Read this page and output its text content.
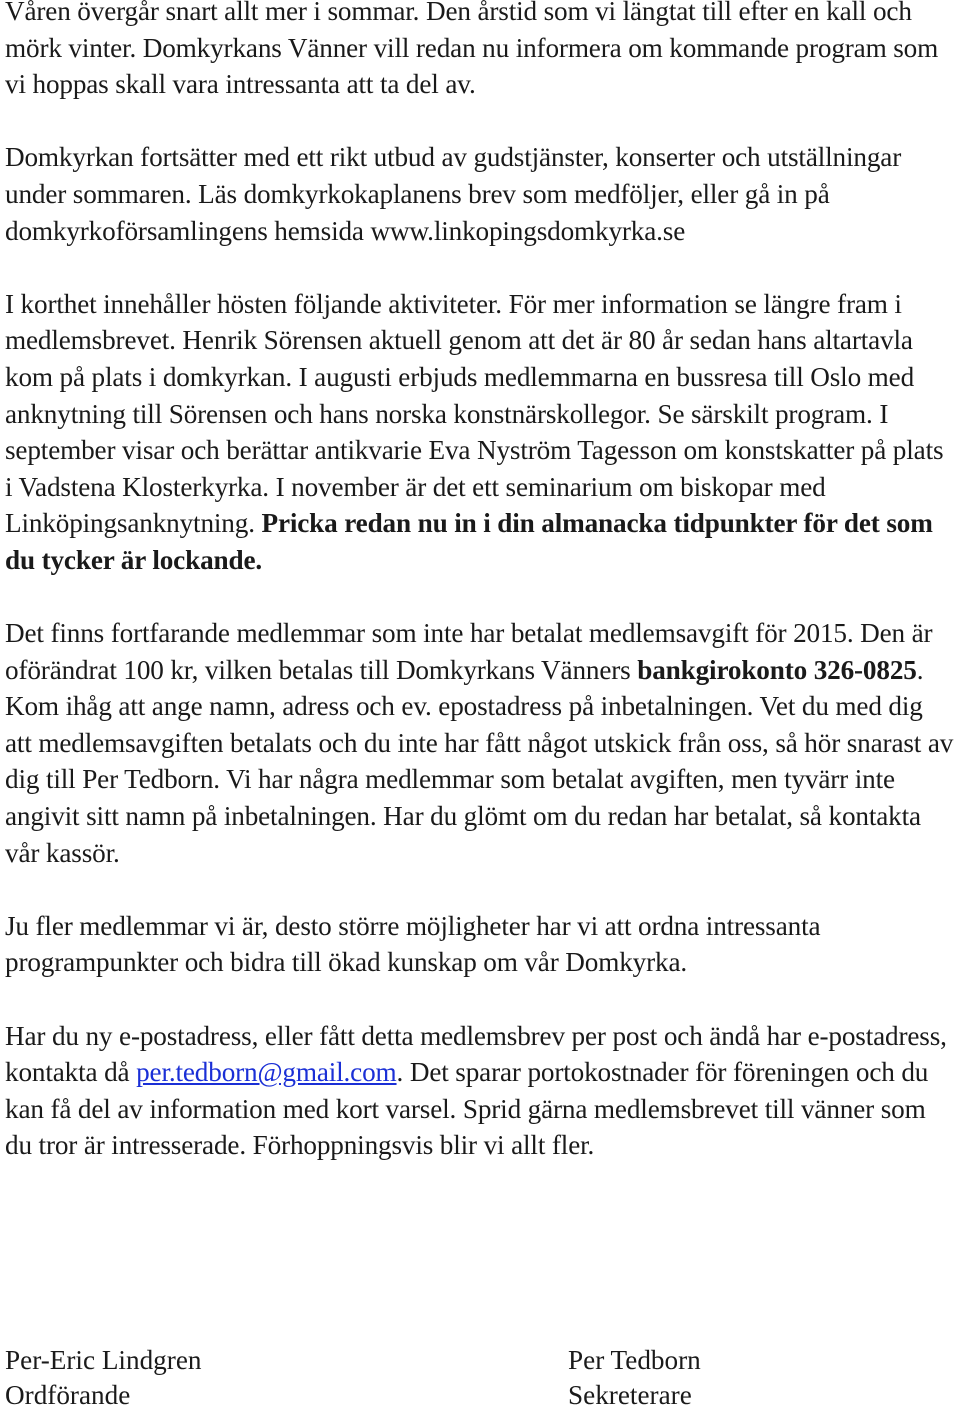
Våren övergår snart allt mer i sommar. Den årstid som vi längtat till efter en kall och mörk vinter. Domkyrkans Vänner vill redan nu informera om kommande program som vi hoppas skall vara intressanta att ta del av.

Domkyrkan fortsätter med ett rikt utbud av gudstjänster, konserter och utställningar under sommaren. Läs domkyrkokaplanens brev som medföljer, eller gå in på domkyrkoförsamlingens hemsida www.linkopingsdomkyrka.se

I korthet innehåller hösten följande aktiviteter. För mer information se längre fram i medlemsbrevet. Henrik Sörensen aktuell genom att det är 80 år sedan hans altartavla kom på plats i domkyrkan. I augusti erbjuds medlemmarna en bussresa till Oslo med anknytning till Sörensen och hans norska konstnärskollegor. Se särskilt program. I september visar och berättar antikvarie Eva Nyström Tagesson om konstskatter på plats i Vadstena Klosterkyrka. I november är det ett seminarium om biskopar med Linköpingsanknytning. Pricka redan nu in i din almanacka tidpunkter för det som du tycker är lockande.

Det finns fortfarande medlemmar som inte har betalat medlemsavgift för 2015. Den är oförändrat 100 kr, vilken betalas till Domkyrkans Vänners bankgirokonto 326-0825. Kom ihåg att ange namn, adress och ev. epostadress på inbetalningen. Vet du med dig att medlemsavgiften betalats och du inte har fått något utskick från oss, så hör snarast av dig till Per Tedborn. Vi har några medlemmar som betalat avgiften, men tyvärr inte angivit sitt namn på inbetalningen. Har du glömt om du redan har betalat, så kontakta vår kassör.

Ju fler medlemmar vi är, desto större möjligheter har vi att ordna intressanta programpunkter och bidra till ökad kunskap om vår Domkyrka.

Har du ny e-postadress, eller fått detta medlemsbrev per post och ändå har e-postadress, kontakta då per.tedborn@gmail.com. Det sparar portokostnader för föreningen och du kan få del av information med kort varsel. Sprid gärna medlemsbrevet till vänner som du tror är intresserade. Förhoppningsvis blir vi allt fler.

Per-Eric Lindgren
Ordförande
Per Tedborn
Sekreterare
